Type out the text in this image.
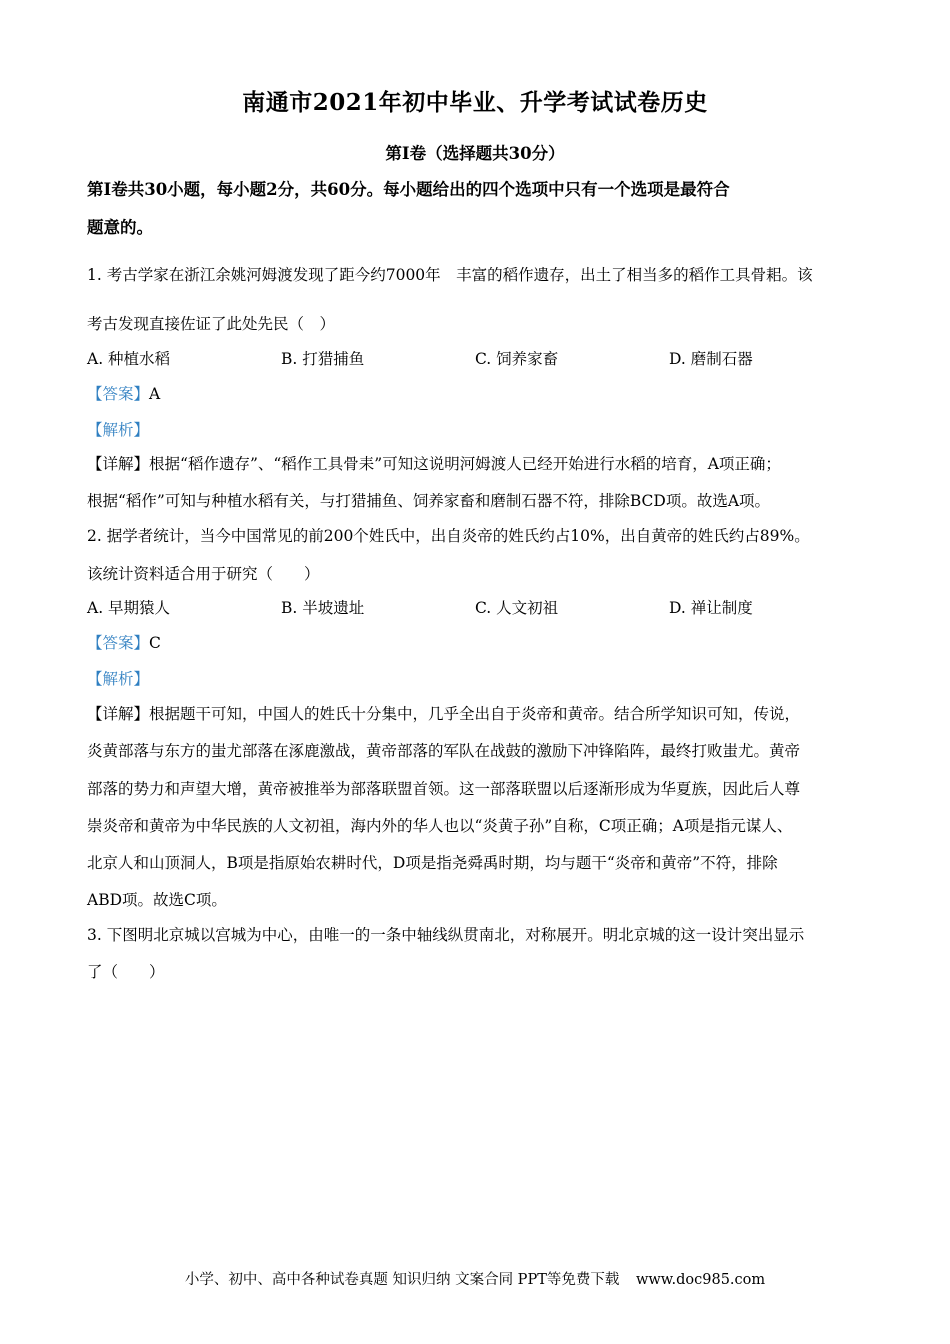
南通市2021年初中毕业、升学考试试卷历史
第Ⅰ卷（选择题共30分）
第Ⅰ卷共30小题，每小题2分，共60分。每小题给出的四个选项中只有一个选项是最符合
题意的。
1. 考古学家在浙江余姚河姆渡发现了距今约7000年　丰富的稻作遗存，出土了相当多的稻作工具骨耜。该
考古发现直接佐证了此处先民（　）
A. 种植水稻	B. 打猎捕鱼	C. 饲养家畜	D. 磨制石器
【答案】A
【解析】
【详解】根据“稻作遗存”、“稻作工具骨耒”可知这说明河姆渡人已经开始进行水稻的培育，A项正确；
根据“稻作”可知与种植水稻有关，与打猎捕鱼、饲养家畜和磨制石器不符，排除BCD项。故选A项。
2. 据学者统计，当今中国常见的前200个姓氏中，出自炎帝的姓氏约占10%，出自黄帝的姓氏约占89%。
该统计资料适合用于研究（　　）
A. 早期猿人	B. 半坡遗址	C. 人文初祖	D. 禅让制度
【答案】C
【解析】
【详解】根据题干可知，中国人的姓氏十分集中，几乎全出自于炎帝和黄帝。结合所学知识可知，传说，
炎黄部落与东方的蚩尤部落在涿鹿激战，黄帝部落的军队在战鼓的激励下冲锋陷阵，最终打败蚩尤。黄帝
部落的势力和声望大增，黄帝被推举为部落联盟首领。这一部落联盟以后逐渐形成为华夏族，因此后人尊
崇炎帝和黄帝为中华民族的人文初祖，海内外的华人也以“炎黄子孙”自称，C项正确；A项是指元谋人、
北京人和山顶洞人，B项是指原始农耕时代，D项是指尧舜禹时期，均与题干“炎帝和黄帝”不符，排除
ABD项。故选C项。
3. 下图明北京城以宫城为中心，由唯一的一条中轴线纵贯南北，对称展开。明北京城的这一设计突出显示
了（　　）
小学、初中、高中各种试卷真题 知识归纳 文案合同 PPT等免费下载 www.doc985.com
